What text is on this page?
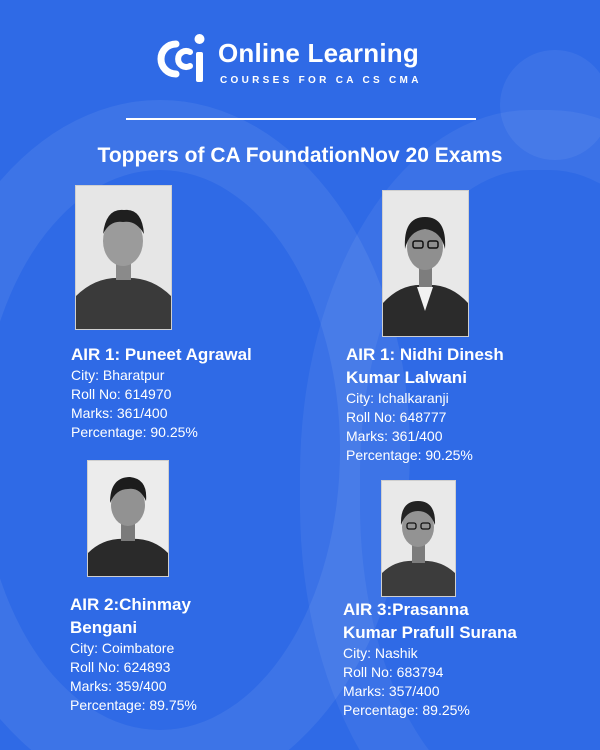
Online Learning
COURSES FOR CA CS CMA
Toppers of CA FoundationNov 20 Exams
AIR 1: Puneet Agrawal
City: Bharatpur
Roll No: 614970
Marks: 361/400
Percentage: 90.25%
AIR 1: Nidhi Dinesh
Kumar Lalwani
City: Ichalkaranji
Roll No: 648777
Marks: 361/400
Percentage: 90.25%
AIR 2:Chinmay
Bengani
City: Coimbatore
Roll No: 624893
Marks: 359/400
Percentage: 89.75%
AIR 3:Prasanna
Kumar Prafull Surana
City: Nashik
Roll No: 683794
Marks: 357/400
Percentage: 89.25%
